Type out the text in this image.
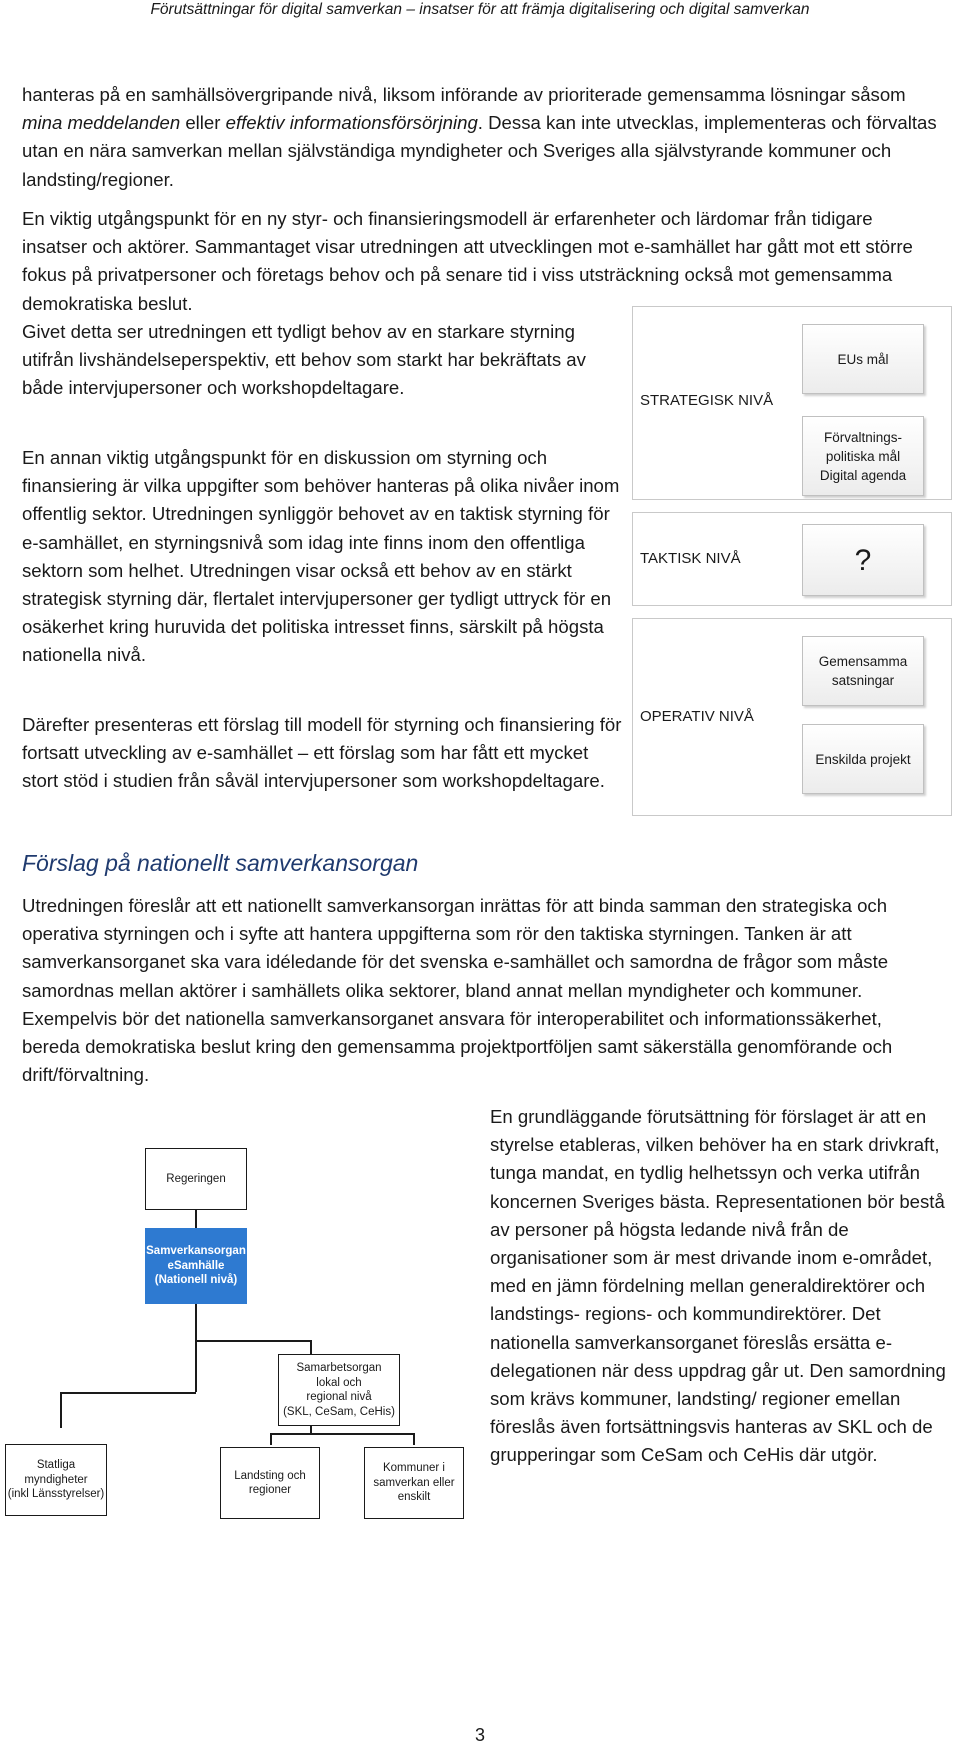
Förutsättningar för digital samverkan – insatser för att främja digitalisering och digital samverkan

hanteras på en samhällsövergripande nivå, liksom införande av prioriterade gemensamma lösningar såsom mina meddelanden eller effektiv informationsförsörjning. Dessa kan inte utvecklas, implementeras och förvaltas utan en nära samverkan mellan självständiga myndigheter och Sveriges alla självstyrande kommuner och landsting/regioner.

En viktig utgångspunkt för en ny styr- och finansieringsmodell är erfarenheter och lärdomar från tidigare insatser och aktörer. Sammantaget visar utredningen att utvecklingen mot e-samhället har gått mot ett större fokus på privatpersoner och företags behov och på senare tid i viss utsträckning också mot gemensamma demokratiska beslut.

Givet detta ser utredningen ett tydligt behov av en starkare styrning utifrån livshändelseperspektiv, ett behov som starkt har bekräftats av både intervjupersoner och workshopdeltagare.

En annan viktig utgångspunkt för en diskussion om styrning och finansiering är vilka uppgifter som behöver hanteras på olika nivåer inom offentlig sektor. Utredningen synliggör behovet av en taktisk styrning för e-samhället, en styrningsnivå som idag inte finns inom den offentliga sektorn som helhet. Utredningen visar också ett behov av en stärkt strategisk styrning där, flertalet intervjupersoner ger tydligt uttryck för en osäkerhet kring huruvida det politiska intresset finns, särskilt på högsta nationella nivå.

Därefter presenteras ett förslag till modell för styrning och finansiering för fortsatt utveckling av e-samhället – ett förslag som har fått ett mycket stort stöd i studien från såväl intervjupersoner som workshopdeltagare.

STRATEGISK NIVÅ
TAKTISK NIVÅ
OPERATIV NIVÅ
EUs mål
Förvaltnings-
politiska mål
Digital agenda
?
Gemensamma
satsningar
Enskilda projekt
Förslag på nationellt samverkansorgan

Utredningen föreslår att ett nationellt samverkansorgan inrättas för att binda samman den strategiska och operativa styrningen och i syfte att hantera uppgifterna som rör den taktiska styrningen. Tanken är att samverkansorganet ska vara idéledande för det svenska e-samhället och samordna de frågor som måste samordnas mellan aktörer i samhällets olika sektorer, bland annat mellan myndigheter och kommuner. Exempelvis bör det nationella samverkansorganet ansvara för interoperabilitet och informationssäkerhet, bereda demokratiska beslut kring den gemensamma projektportföljen samt säkerställa genomförande och drift/förvaltning.

En grundläggande förutsättning för förslaget är att en styrelse etableras, vilken behöver ha en stark drivkraft, tunga mandat, en tydlig helhetssyn och verka utifrån koncernen Sveriges bästa. Representationen bör bestå av personer på högsta ledande nivå från de organisationer som är mest drivande inom e-området, med en jämn fördelning mellan generaldirektörer och landstings- regions- och kommundirektörer. Det nationella samverkansorganet föreslås ersätta e-delegationen när dess uppdrag går ut. Den samordning som krävs kommuner, landsting/ regioner emellan föreslås även fortsättningsvis hanteras av SKL och de grupperingar som CeSam och CeHis där utgör.

Regeringen
Samverkansorgan
eSamhälle
(Nationell nivå)
Samarbetsorgan
lokal och
regional nivå
(SKL, CeSam, CeHis)
Statliga
myndigheter
(inkl Länsstyrelser)
Landsting och
regioner
Kommuner i
samverkan eller
enskilt
3
